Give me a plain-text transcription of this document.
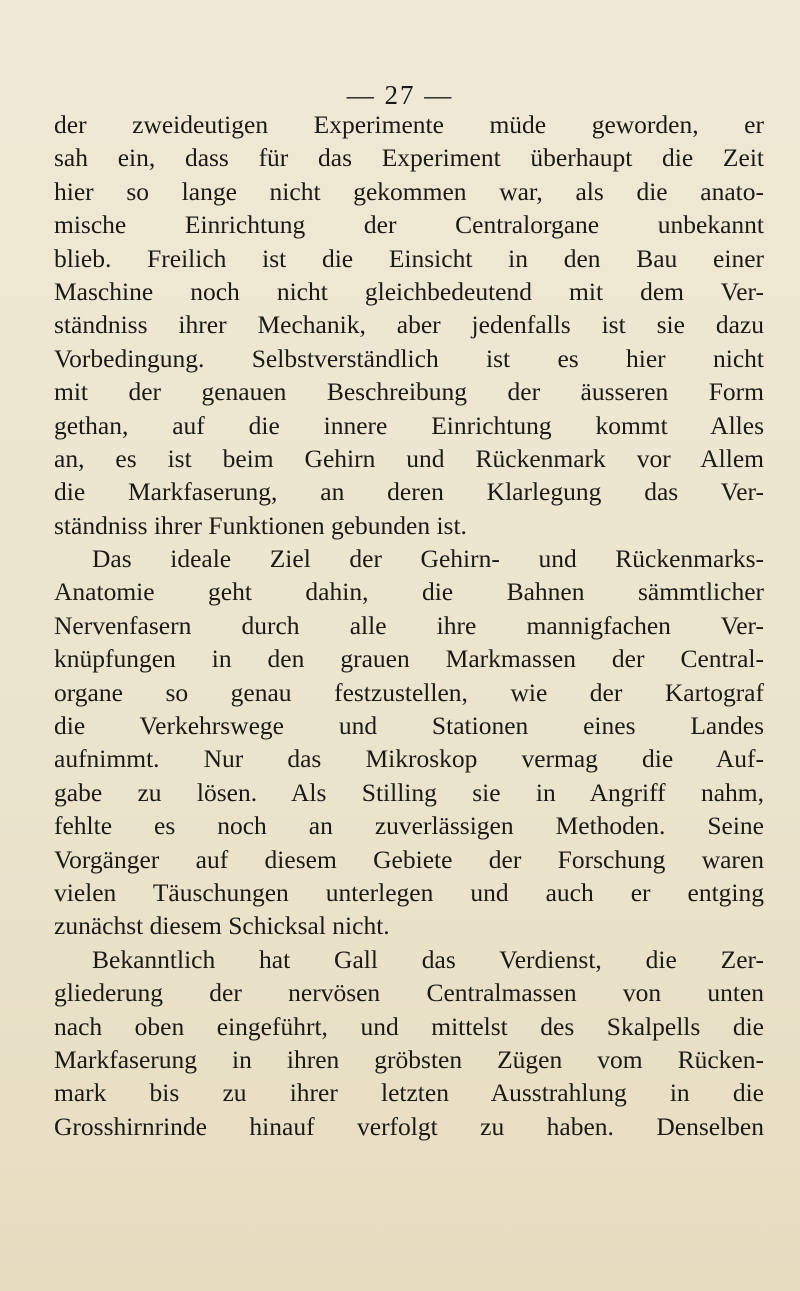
— 27 —
der zweideutigen Experimente müde geworden, er
sah ein, dass für das Experiment überhaupt die Zeit
hier so lange nicht gekommen war, als die anato-
mische Einrichtung der Centralorgane unbekannt
blieb. Freilich ist die Einsicht in den Bau einer
Maschine noch nicht gleichbedeutend mit dem Ver-
ständniss ihrer Mechanik, aber jedenfalls ist sie dazu
Vorbedingung. Selbstverständlich ist es hier nicht
mit der genauen Beschreibung der äusseren Form
gethan, auf die innere Einrichtung kommt Alles
an, es ist beim Gehirn und Rückenmark vor Allem
die Markfaserung, an deren Klarlegung das Ver-
ständniss ihrer Funktionen gebunden ist.
Das ideale Ziel der Gehirn- und Rückenmarks-
Anatomie geht dahin, die Bahnen sämmtlicher
Nervenfasern durch alle ihre mannigfachen Ver-
knüpfungen in den grauen Markmassen der Central-
organe so genau festzustellen, wie der Kartograf
die Verkehrswege und Stationen eines Landes
aufnimmt. Nur das Mikroskop vermag die Auf-
gabe zu lösen. Als Stilling sie in Angriff nahm,
fehlte es noch an zuverlässigen Methoden. Seine
Vorgänger auf diesem Gebiete der Forschung waren
vielen Täuschungen unterlegen und auch er entging
zunächst diesem Schicksal nicht.
Bekanntlich hat Gall das Verdienst, die Zer-
gliederung der nervösen Centralmassen von unten
nach oben eingeführt, und mittelst des Skalpells die
Markfaserung in ihren gröbsten Zügen vom Rücken-
mark bis zu ihrer letzten Ausstrahlung in die
Grosshirnrinde hinauf verfolgt zu haben. Denselben
